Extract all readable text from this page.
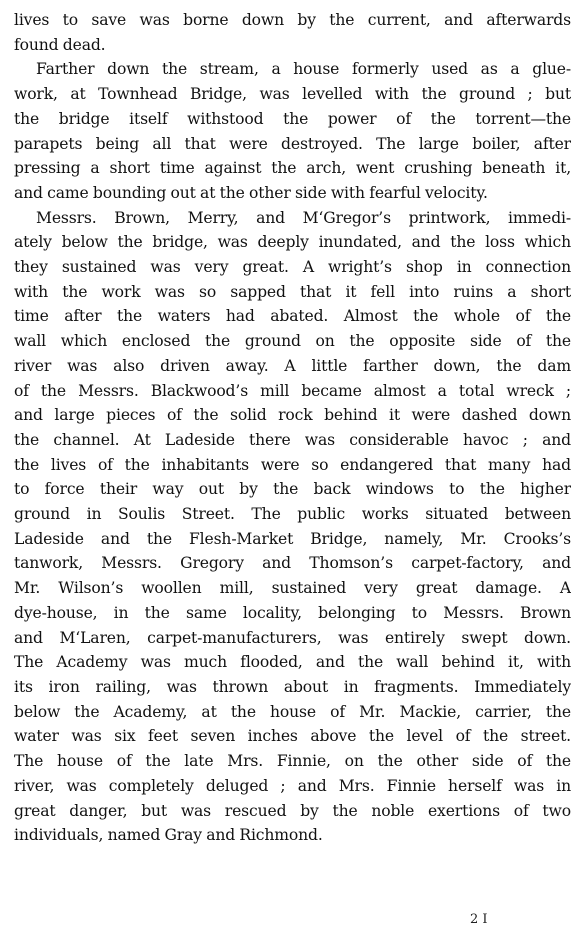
lives to save was borne down by the current, and afterwards
found dead.
Farther down the stream, a house formerly used as a glue-
work, at Townhead Bridge, was levelled with the ground ; but
the bridge itself withstood the power of the torrent—the
parapets being all that were destroyed. The large boiler, after
pressing a short time against the arch, went crushing beneath it,
and came bounding out at the other side with fearful velocity.
Messrs. Brown, Merry, and M‘Gregor’s printwork, immedi-
ately below the bridge, was deeply inundated, and the loss which
they sustained was very great. A wright’s shop in connection
with the work was so sapped that it fell into ruins a short
time after the waters had abated. Almost the whole of the
wall which enclosed the ground on the opposite side of the
river was also driven away. A little farther down, the dam
of the Messrs. Blackwood’s mill became almost a total wreck ;
and large pieces of the solid rock behind it were dashed down
the channel. At Ladeside there was considerable havoc ; and
the lives of the inhabitants were so endangered that many had
to force their way out by the back windows to the higher
ground in Soulis Street. The public works situated between
Ladeside and the Flesh-Market Bridge, namely, Mr. Crooks’s
tanwork, Messrs. Gregory and Thomson’s carpet-factory, and
Mr. Wilson’s woollen mill, sustained very great damage. A
dye-house, in the same locality, belonging to Messrs. Brown
and M‘Laren, carpet-manufacturers, was entirely swept down.
The Academy was much flooded, and the wall behind it, with
its iron railing, was thrown about in fragments. Immediately
below the Academy, at the house of Mr. Mackie, carrier, the
water was six feet seven inches above the level of the street.
The house of the late Mrs. Finnie, on the other side of the
river, was completely deluged ; and Mrs. Finnie herself was in
great danger, but was rescued by the noble exertions of two
individuals, named Gray and Richmond.
2 I
